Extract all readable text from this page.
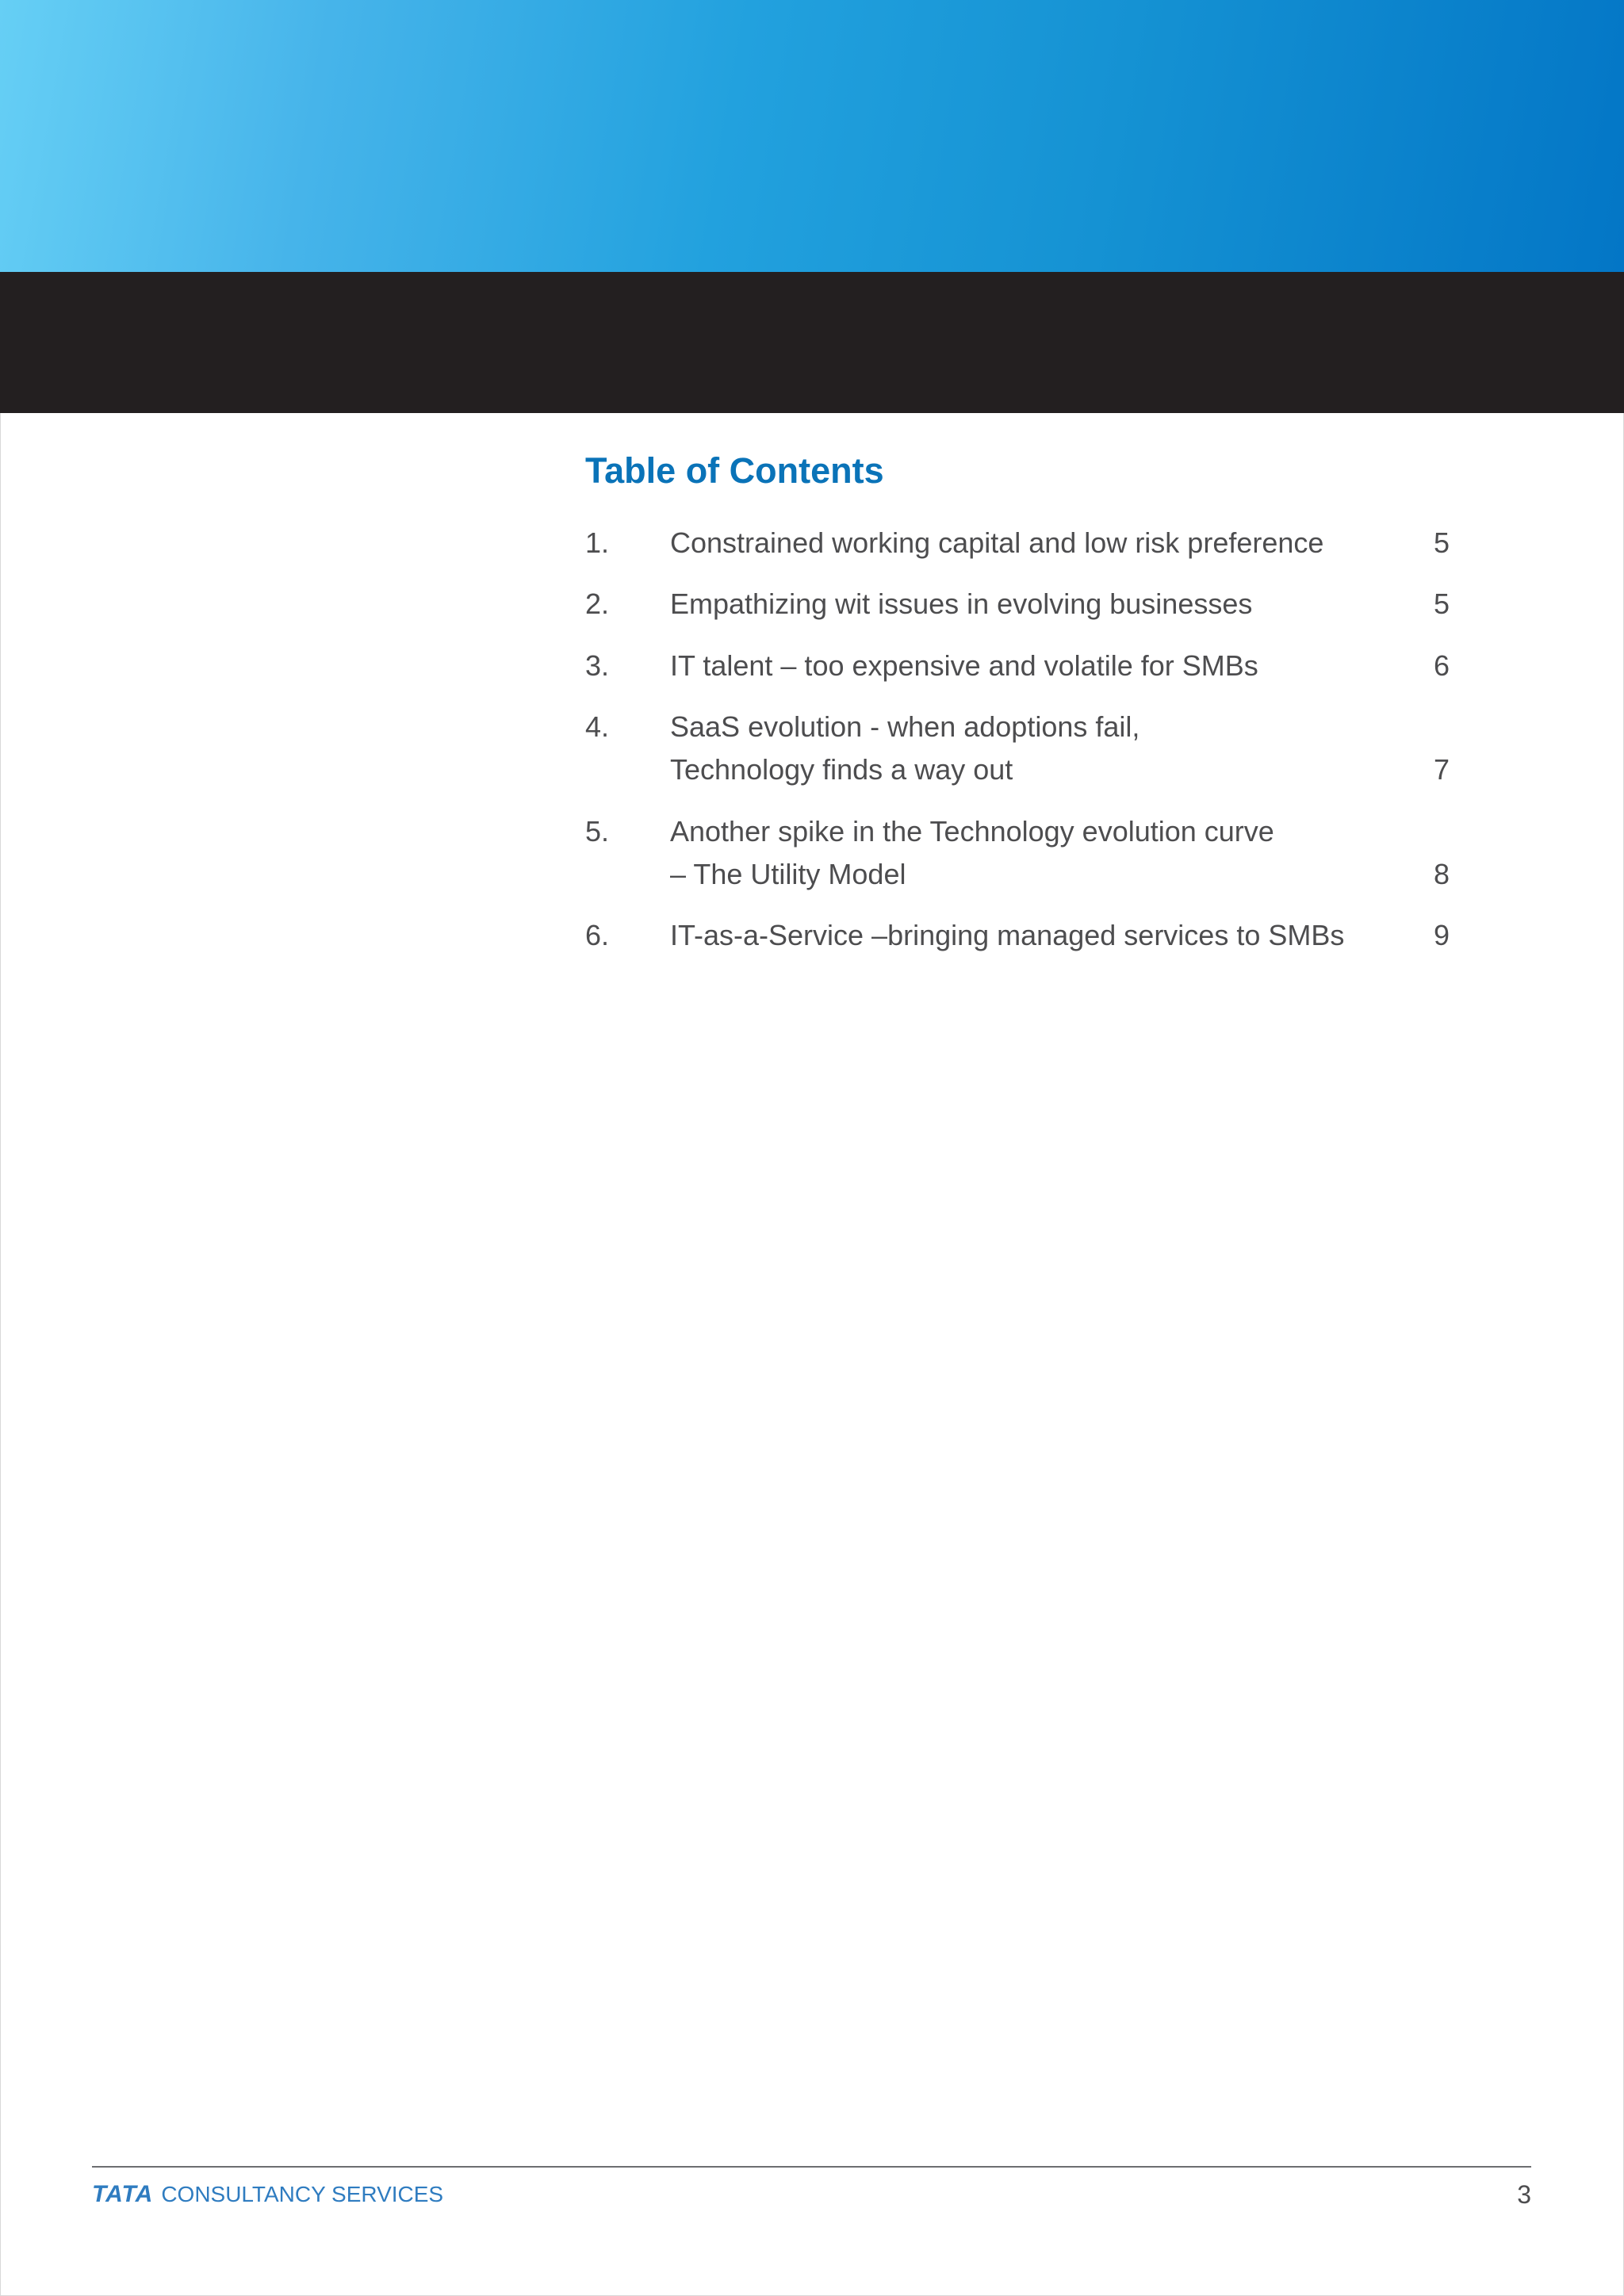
Table of Contents
1. Constrained working capital and low risk preference	5
2. Empathizing wit issues in evolving businesses	5
3. IT talent – too expensive and volatile for SMBs	6
4. SaaS evolution - when adoptions fail,
Technology finds a way out	7
5. Another spike in the Technology evolution curve
– The Utility Model	8
6. IT-as-a-Service –bringing managed services to SMBs	9
TATA CONSULTANCY SERVICES	3
